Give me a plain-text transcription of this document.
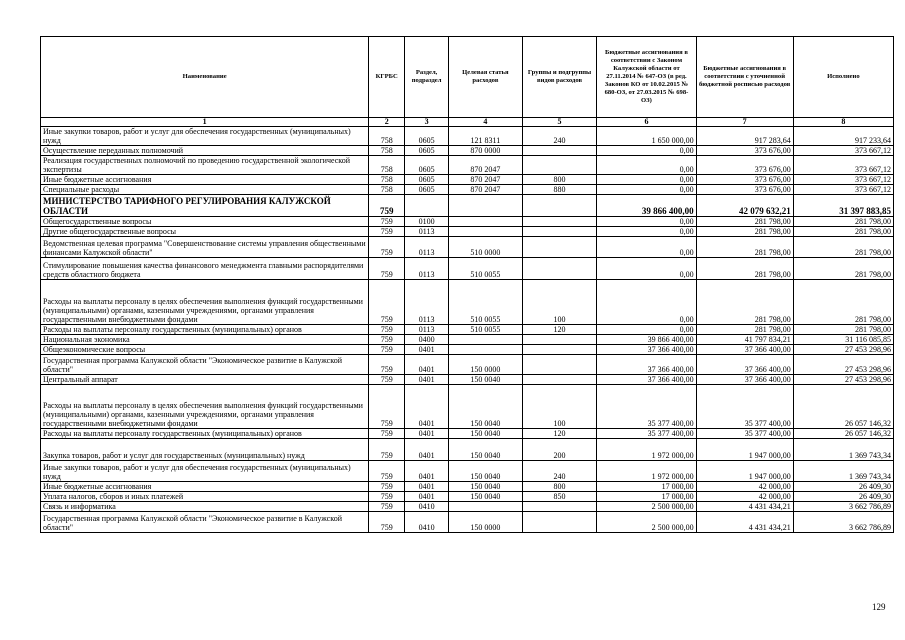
Наименование	КГРБС	Раздел, подраздел	Целевая статья расходов	Группы и подгруппы видов расходов	Бюджетные ассигнования в соответствии с Законом Калужской области от 27.11.2014 № 647-ОЗ (в ред. Законов КО от 10.02.2015 № 680-ОЗ, от 27.03.2015 № 698-ОЗ)	Бюджетные ассигнования в соответствии с уточненной бюджетной росписью расходов	Исполнено
1	2	3	4	5	6	7	8
Иные закупки товаров, работ и услуг для обеспечения государственных (муниципальных) нужд	758	0605	121 8311	240	1 650 000,00	917 283,64	917 233,64
Осуществление переданных полномочий	758	0605	870 0000		0,00	373 676,00	373 667,12
Реализация государственных полномочий по проведению государственной экологической экспертизы	758	0605	870 2047		0,00	373 676,00	373 667,12
Иные бюджетные ассигнования	758	0605	870 2047	800	0,00	373 676,00	373 667,12
Специальные расходы	758	0605	870 2047	880	0,00	373 676,00	373 667,12
МИНИСТЕРСТВО ТАРИФНОГО РЕГУЛИРОВАНИЯ КАЛУЖСКОЙ ОБЛАСТИ	759				39 866 400,00	42 079 632,21	31 397 883,85
Общегосударственные вопросы	759	0100			0,00	281 798,00	281 798,00
Другие общегосударственные вопросы	759	0113			0,00	281 798,00	281 798,00
Ведомственная целевая программа "Совершенствование системы управления общественными финансами Калужской области"	759	0113	510 0000		0,00	281 798,00	281 798,00
Стимулирование повышения качества финансового менеджмента главными распорядителями средств областного бюджета	759	0113	510 0055		0,00	281 798,00	281 798,00
Расходы на выплаты персоналу в целях обеспечения выполнения функций государственными (муниципальными) органами, казенными учреждениями, органами управления государственными внебюджетными фондами	759	0113	510 0055	100	0,00	281 798,00	281 798,00
Расходы на выплаты персоналу государственных (муниципальных) органов	759	0113	510 0055	120	0,00	281 798,00	281 798,00
Национальная экономика	759	0400			39 866 400,00	41 797 834,21	31 116 085,85
Общеэкономические вопросы	759	0401			37 366 400,00	37 366 400,00	27 453 298,96
Государственная программа Калужской области "Экономическое развитие в Калужской области"	759	0401	150 0000		37 366 400,00	37 366 400,00	27 453 298,96
Центральный аппарат	759	0401	150 0040		37 366 400,00	37 366 400,00	27 453 298,96
Расходы на выплаты персоналу в целях обеспечения выполнения функций государственными (муниципальными) органами, казенными учреждениями, органами управления государственными внебюджетными фондами	759	0401	150 0040	100	35 377 400,00	35 377 400,00	26 057 146,32
Расходы на выплаты персоналу государственных (муниципальных) органов	759	0401	150 0040	120	35 377 400,00	35 377 400,00	26 057 146,32
Закупка товаров, работ и услуг для государственных (муниципальных) нужд	759	0401	150 0040	200	1 972 000,00	1 947 000,00	1 369 743,34
Иные закупки товаров, работ и услуг для обеспечения государственных (муниципальных) нужд	759	0401	150 0040	240	1 972 000,00	1 947 000,00	1 369 743,34
Иные бюджетные ассигнования	759	0401	150 0040	800	17 000,00	42 000,00	26 409,30
Уплата налогов, сборов и иных платежей	759	0401	150 0040	850	17 000,00	42 000,00	26 409,30
Связь и информатика	759	0410			2 500 000,00	4 431 434,21	3 662 786,89
Государственная программа Калужской области "Экономическое развитие в Калужской области"	759	0410	150 0000		2 500 000,00	4 431 434,21	3 662 786,89
129
